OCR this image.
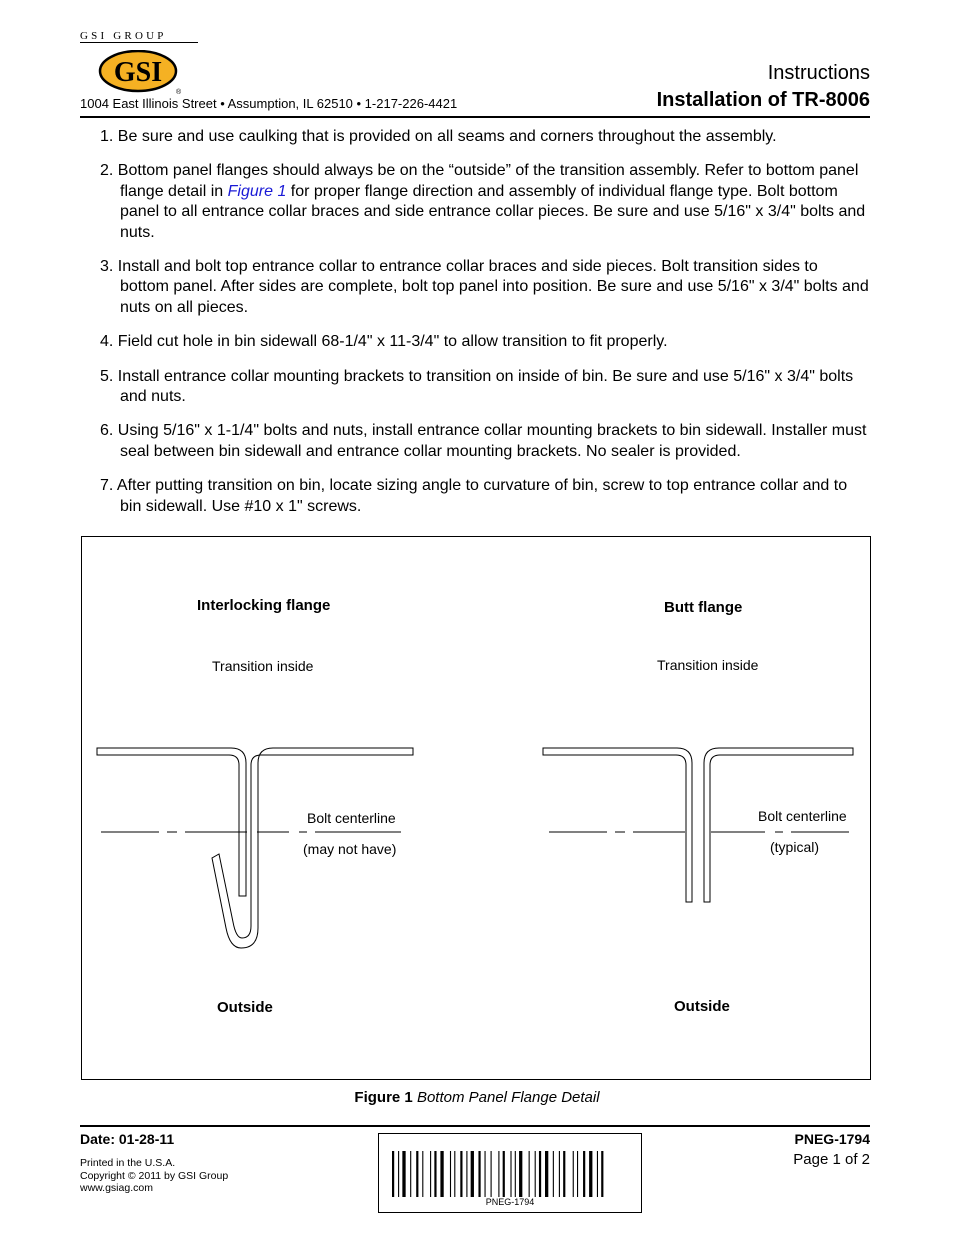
GSI GROUP
GSI
®
1004 East Illinois Street • Assumption, IL 62510 • 1-217-226-4421
Instructions
Installation of TR-8006
1. Be sure and use caulking that is provided on all seams and corners throughout the assembly.
2. Bottom panel flanges should always be on the “outside” of the transition assembly. Refer to bottom panel flange detail in Figure 1 for proper flange direction and assembly of individual flange type. Bolt bottom panel to all entrance collar braces and side entrance collar pieces. Be sure and use 5/16" x 3/4" bolts and nuts.
3. Install and bolt top entrance collar to entrance collar braces and side pieces. Bolt transition sides to bottom panel. After sides are complete, bolt top panel into position. Be sure and use 5/16" x 3/4" bolts and nuts on all pieces.
4. Field cut hole in bin sidewall 68-1/4" x 11-3/4" to allow transition to fit properly.
5. Install entrance collar mounting brackets to transition on inside of bin. Be sure and use 5/16" x 3/4" bolts and nuts.
6. Using 5/16" x 1-1/4" bolts and nuts, install entrance collar mounting brackets to bin sidewall. Installer must seal between bin sidewall and entrance collar mounting brackets. No sealer is provided.
7. After putting transition on bin, locate sizing angle to curvature of bin, screw to top entrance collar and to bin sidewall. Use #10 x 1" screws.
Interlocking flange
Transition inside
Bolt centerline
(may not have)
Outside
Butt flange
Transition inside
Bolt centerline
(typical)
Outside
Figure 1 Bottom Panel Flange Detail
Date: 01-28-11
Printed in the U.S.A.
Copyright © 2011 by GSI Group
www.gsiag.com
PNEG-1794
PNEG-1794
Page 1 of 2
